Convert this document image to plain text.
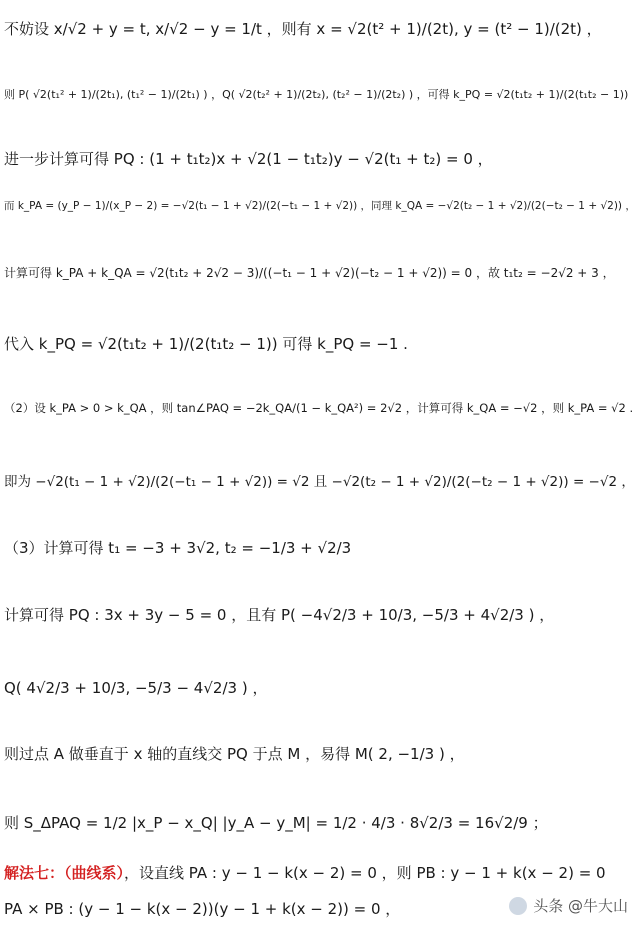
不妨设 x/√2 + y = t, x/√2 − y = 1/t ，则有 x = √2(t² + 1)/(2t), y = (t² − 1)/(2t) ，
则 P( √2(t₁² + 1)/(2t₁), (t₁² − 1)/(2t₁) ) ，Q( √2(t₂² + 1)/(2t₂), (t₂² − 1)/(2t₂) ) ，可得 k_PQ = √2(t₁t₂ + 1)/(2(t₁t₂ − 1))
进一步计算可得 PQ : (1 + t₁t₂)x + √2(1 − t₁t₂)y − √2(t₁ + t₂) = 0 ，
而 k_PA = (y_P − 1)/(x_P − 2) = −√2(t₁ − 1 + √2)/(2(−t₁ − 1 + √2)) ，同理 k_QA = −√2(t₂ − 1 + √2)/(2(−t₂ − 1 + √2)) ，
计算可得 k_PA + k_QA = √2(t₁t₂ + 2√2 − 3)/((−t₁ − 1 + √2)(−t₂ − 1 + √2)) = 0 ，故 t₁t₂ = −2√2 + 3 ，
代入 k_PQ = √2(t₁t₂ + 1)/(2(t₁t₂ − 1)) 可得 k_PQ = −1 .
（2）设 k_PA > 0 > k_QA ，则 tan∠PAQ = −2k_QA/(1 − k_QA²) = 2√2 ，计算可得 k_QA = −√2 ，则 k_PA = √2 .
即为 −√2(t₁ − 1 + √2)/(2(−t₁ − 1 + √2)) = √2 且 −√2(t₂ − 1 + √2)/(2(−t₂ − 1 + √2)) = −√2 ，
（3）计算可得 t₁ = −3 + 3√2, t₂ = −1/3 + √2/3
计算可得 PQ : 3x + 3y − 5 = 0 ，且有 P( −4√2/3 + 10/3, −5/3 + 4√2/3 ) ，
Q( 4√2/3 + 10/3, −5/3 − 4√2/3 ) ，
则过点 A 做垂直于 x 轴的直线交 PQ 于点 M ，易得 M( 2, −1/3 ) ，
则 S_ΔPAQ = 1/2 |x_P − x_Q| |y_A − y_M| = 1/2 · 4/3 · 8√2/3 = 16√2/9 ；
解法七：（曲线系），设直线 PA : y − 1 − k(x − 2) = 0 ，则 PB : y − 1 + k(x − 2) = 0
PA × PB : (y − 1 − k(x − 2))(y − 1 + k(x − 2)) = 0 ，	头条 @牛大山
